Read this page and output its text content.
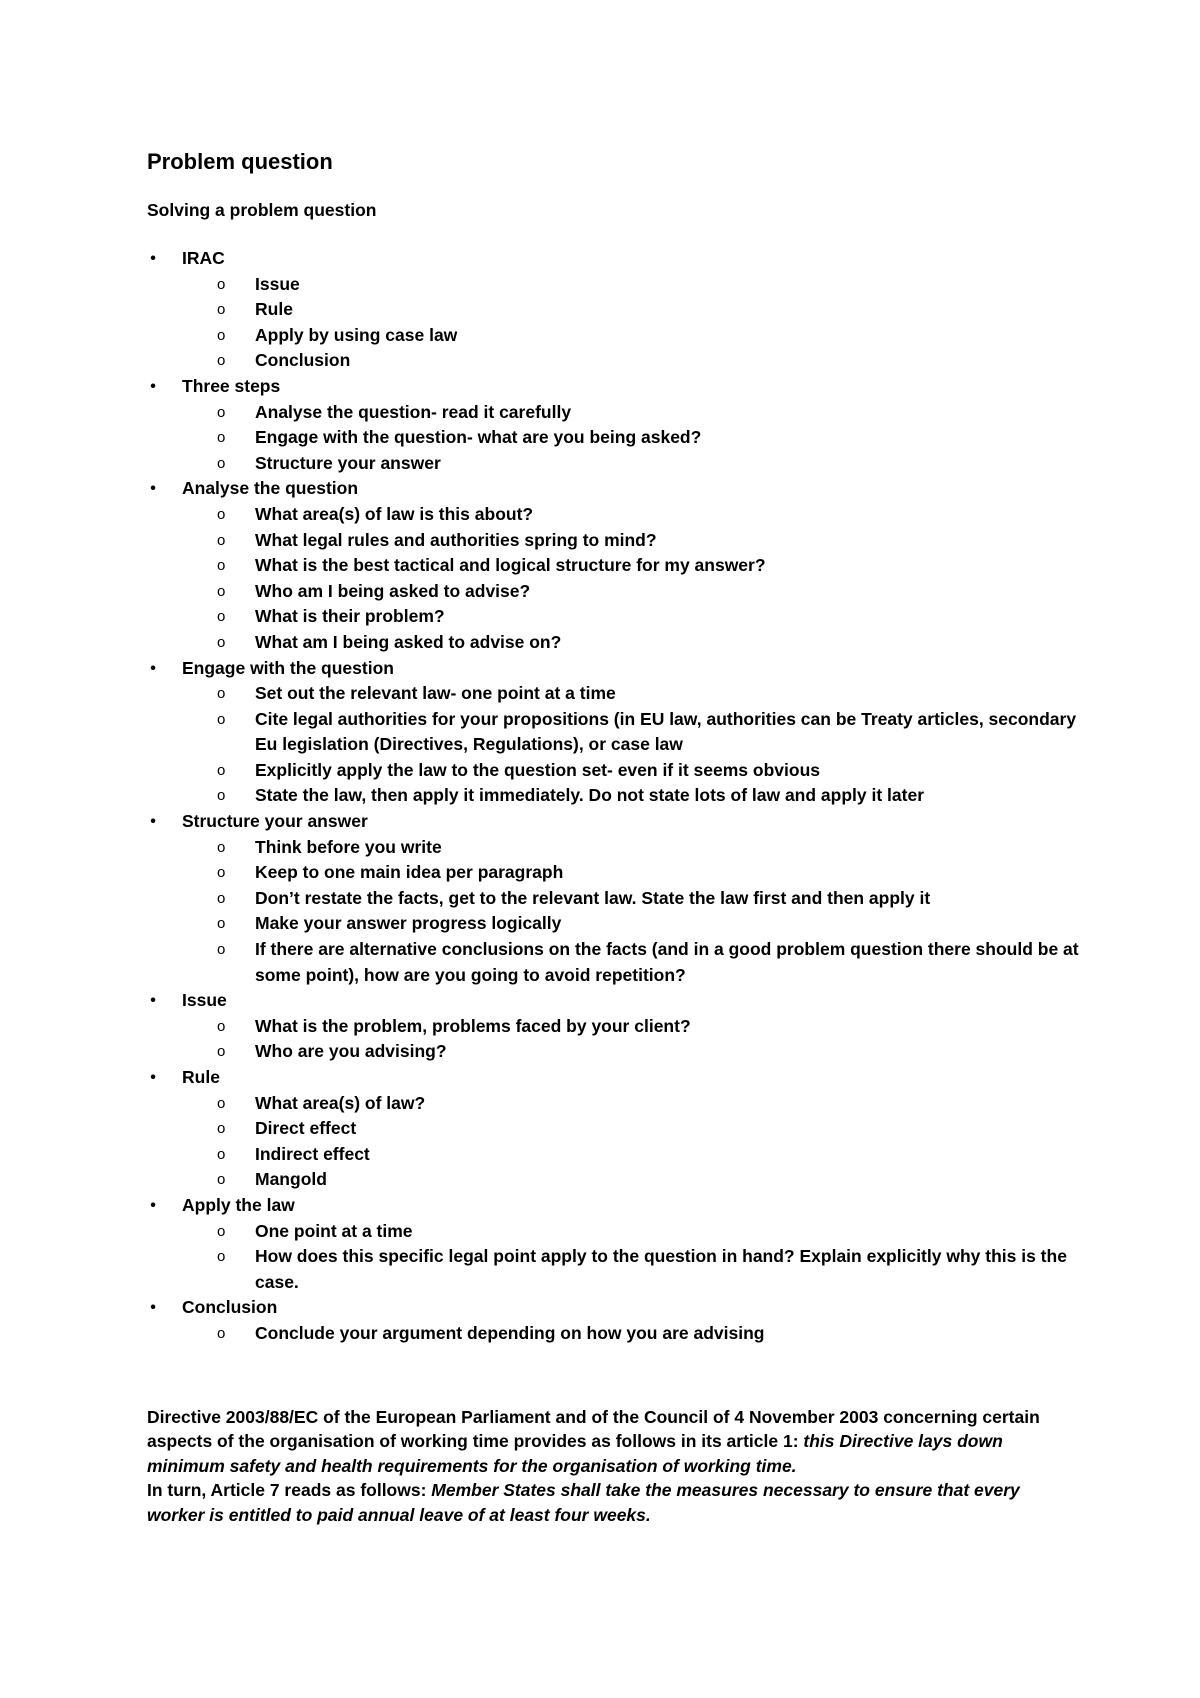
Problem question
Solving a problem question
• IRAC
o	Issue
o	Rule
o	Apply by using case law
o	Conclusion
• Three steps
o	Analyse the question- read it carefully
o	Engage with the question- what are you being asked?
o	Structure your answer
• Analyse the question
o	What area(s) of law is this about?
o	What legal rules and authorities spring to mind?
o	What is the best tactical and logical structure for my answer?
o	Who am I being asked to advise?
o	What is their problem?
o	What am I being asked to advise on?
• Engage with the question
o	Set out the relevant law- one point at a time
o	Cite legal authorities for your propositions (in EU law, authorities can be Treaty articles, secondary Eu legislation (Directives, Regulations), or case law
o	Explicitly apply the law to the question set- even if it seems obvious
o	State the law, then apply it immediately. Do not state lots of law and apply it later
• Structure your answer
o	Think before you write
o	Keep to one main idea per paragraph
o	Don’t restate the facts, get to the relevant law. State the law first and then apply it
o	Make your answer progress logically
o	If there are alternative conclusions on the facts (and in a good problem question there should be at some point), how are you going to avoid repetition?
• Issue
o	What is the problem, problems faced by your client?
o	Who are you advising?
• Rule
o	What area(s) of law?
o	Direct effect
o	Indirect effect
o	Mangold
• Apply the law
o	One point at a time
o	How does this specific legal point apply to the question in hand? Explain explicitly why this is the case.
• Conclusion
o	Conclude your argument depending on how you are advising

Directive 2003/88/EC of the European Parliament and of the Council of 4 November 2003 concerning certain aspects of the organisation of working time provides as follows in its article 1: this Directive lays down minimum safety and health requirements for the organisation of working time.

In turn, Article 7 reads as follows: Member States shall take the measures necessary to ensure that every worker is entitled to paid annual leave of at least four weeks.
